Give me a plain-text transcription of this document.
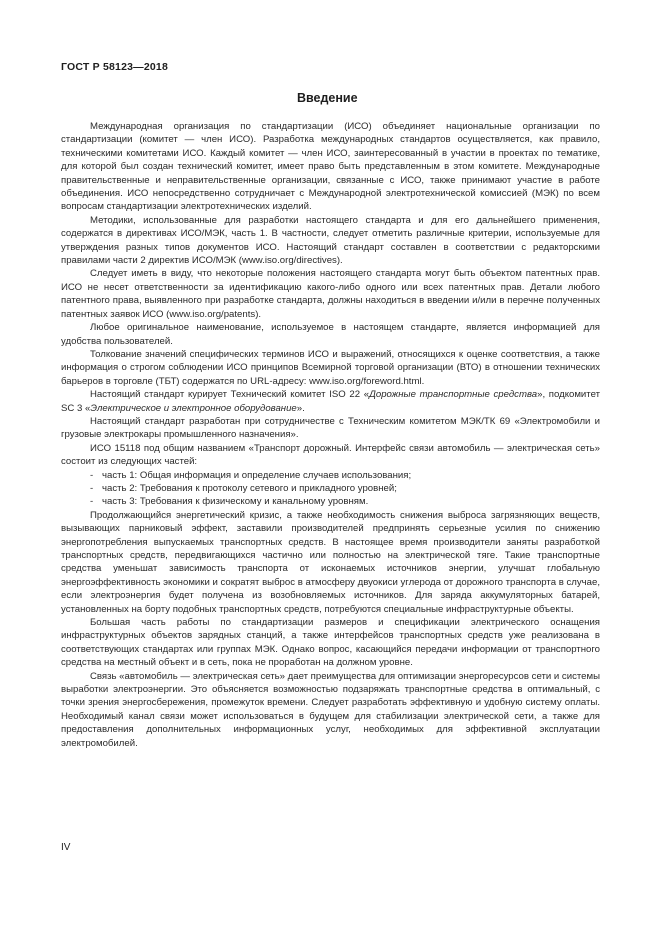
ГОСТ Р 58123—2018
Введение

Международная организация по стандартизации (ИСО) объединяет национальные организации по стандартизации (комитет — член ИСО). Разработка международных стандартов осуществляется, как правило, техническими комитетами ИСО. Каждый комитет — член ИСО, заинтересованный в участии в проектах по тематике, для которой был создан технический комитет, имеет право быть представленным в этом комитете. Международные правительственные и неправительственные организации, связанные с ИСО, также принимают участие в работе объединения. ИСО непосредственно сотрудничает с Международной электротехнической комиссией (МЭК) по всем вопросам стандартизации электротехнических изделий.

Методики, использованные для разработки настоящего стандарта и для его дальнейшего применения, содержатся в директивах ИСО/МЭК, часть 1. В частности, следует отметить различные критерии, используемые для утверждения разных типов документов ИСО. Настоящий стандарт составлен в соответствии с редакторскими правилами части 2 директив ИСО/МЭК (www.iso.org/directives).

Следует иметь в виду, что некоторые положения настоящего стандарта могут быть объектом патентных прав. ИСО не несет ответственности за идентификацию какого-либо одного или всех патентных прав. Детали любого патентного права, выявленного при разработке стандарта, должны находиться в введении и/или в перечне полученных патентных заявок ИСО (www.iso.org/patents).

Любое оригинальное наименование, используемое в настоящем стандарте, является информацией для удобства пользователей.

Толкование значений специфических терминов ИСО и выражений, относящихся к оценке соответствия, а также информация о строгом соблюдении ИСО принципов Всемирной торговой организации (ВТО) в отношении технических барьеров в торговле (ТБТ) содержатся по URL-адресу: www.iso.org/foreword.html.

Настоящий стандарт курирует Технический комитет ISO 22 «Дорожные транспортные средства», подкомитет SC 3 «Электрическое и электронное оборудование».

Настоящий стандарт разработан при сотрудничестве с Техническим комитетом МЭК/ТК 69 «Электромобили и грузовые электрокары промышленного назначения».

ИСО 15118 под общим названием «Транспорт дорожный. Интерфейс связи автомобиль — электрическая сеть» состоит из следующих частей:

- часть 1: Общая информация и определение случаев использования;

- часть 2: Требования к протоколу сетевого и прикладного уровней;

- часть 3: Требования к физическому и канальному уровням.

Продолжающийся энергетический кризис, а также необходимость снижения выброса загрязняющих веществ, вызывающих парниковый эффект, заставили производителей предпринять серьезные усилия по снижению энергопотребления выпускаемых транспортных средств. В настоящее время производители заняты разработкой транспортных средств, передвигающихся частично или полностью на электрической тяге. Такие транспортные средства уменьшат зависимость транспорта от исконаемых источников энергии, улучшат глобальную энергоэффективность экономики и сократят выброс в атмосферу двуокиси углерода от дорожного транспорта в случае, если электроэнергия будет получена из возобновляемых источников. Для заряда аккумуляторных батарей, установленных на борту подобных транспортных средств, потребуются специальные инфраструктурные объекты.

Большая часть работы по стандартизации размеров и спецификации электрического оснащения инфраструктурных объектов зарядных станций, а также интерфейсов транспортных средств уже реализована в соответствующих стандартах или группах МЭК. Однако вопрос, касающийся передачи информации от транспортного средства на местный объект и в сеть, пока не проработан на должном уровне.

Связь «автомобиль — электрическая сеть» дает преимущества для оптимизации энергоресурсов сети и системы выработки электроэнергии. Это объясняется возможностью подзаряжать транспортные средства в оптимальный, с точки зрения энергосбережения, промежуток времени. Следует разработать эффективную и удобную систему оплаты. Необходимый канал связи может использоваться в будущем для стабилизации электрической сети, а также для предоставления дополнительных информационных услуг, необходимых для эффективной эксплуатации электромобилей.

IV
